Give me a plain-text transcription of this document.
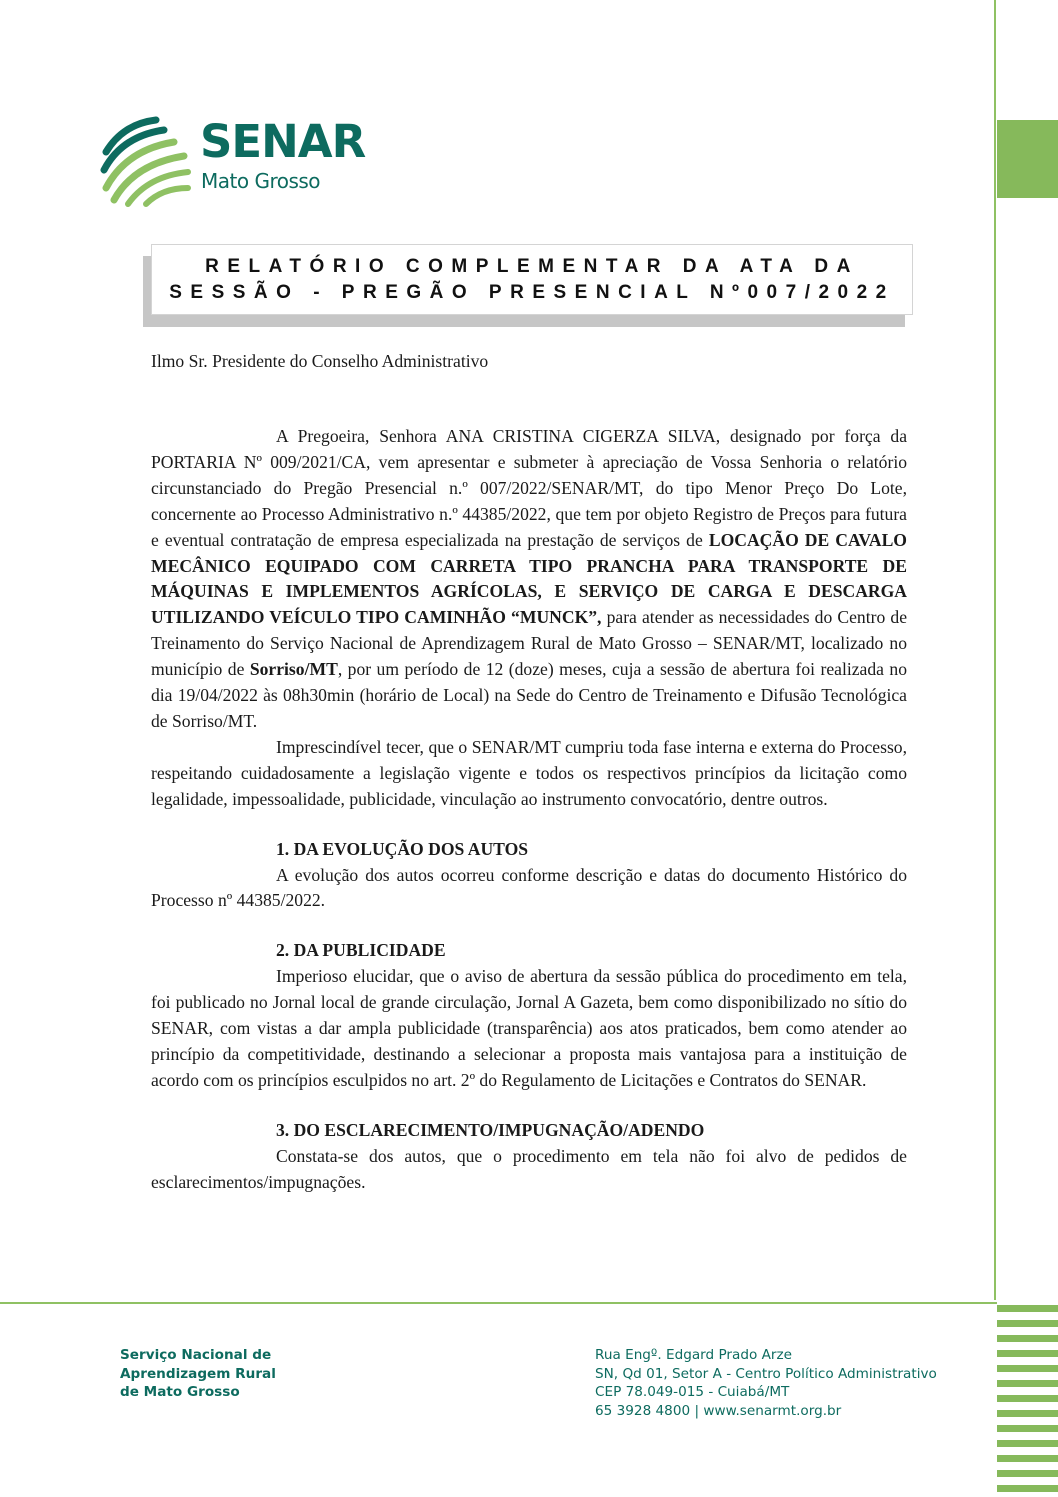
SENAR
Mato Grosso
RELATÓRIO COMPLEMENTAR DA ATA DA
SESSÃO - PREGÃO PRESENCIAL Nº007/2022
Ilmo Sr. Presidente do Conselho Administrativo

A Pregoeira, Senhora ANA CRISTINA CIGERZA SILVA, designado por força da PORTARIA Nº 009/2021/CA, vem apresentar e submeter à apreciação de Vossa Senhoria o relatório circunstanciado do Pregão Presencial n.º 007/2022/SENAR/MT, do tipo Menor Preço Do Lote, concernente ao Processo Administrativo n.º 44385/2022, que tem por objeto Registro de Preços para futura e eventual contratação de empresa especializada na prestação de serviços de LOCAÇÃO DE CAVALO MECÂNICO EQUIPADO COM CARRETA TIPO PRANCHA PARA TRANSPORTE DE MÁQUINAS E IMPLEMENTOS AGRÍCOLAS, E SERVIÇO DE CARGA E DESCARGA UTILIZANDO VEÍCULO TIPO CAMINHÃO “MUNCK”, para atender as necessidades do Centro de Treinamento do Serviço Nacional de Aprendizagem Rural de Mato Grosso – SENAR/MT, localizado no município de Sorriso/MT, por um período de 12 (doze) meses, cuja a sessão de abertura foi realizada no dia 19/04/2022 às 08h30min (horário de Local) na Sede do Centro de Treinamento e Difusão Tecnológica de Sorriso/MT.

Imprescindível tecer, que o SENAR/MT cumpriu toda fase interna e externa do Processo, respeitando cuidadosamente a legislação vigente e todos os respectivos princípios da licitação como legalidade, impessoalidade, publicidade, vinculação ao instrumento convocatório, dentre outros.

1. DA EVOLUÇÃO DOS AUTOS

A evolução dos autos ocorreu conforme descrição e datas do documento Histórico do Processo nº 44385/2022.

2. DA PUBLICIDADE

Imperioso elucidar, que o aviso de abertura da sessão pública do procedimento em tela, foi publicado no Jornal local de grande circulação, Jornal A Gazeta, bem como disponibilizado no sítio do SENAR, com vistas a dar ampla publicidade (transparência) aos atos praticados, bem como atender ao princípio da competitividade, destinando a selecionar a proposta mais vantajosa para a instituição de acordo com os princípios esculpidos no art. 2º do Regulamento de Licitações e Contratos do SENAR.

3. DO ESCLARECIMENTO/IMPUGNAÇÃO/ADENDO

Constata-se dos autos, que o procedimento em tela não foi alvo de pedidos de esclarecimentos/impugnações.

Serviço Nacional de
Aprendizagem Rural
de Mato Grosso
Rua Engº. Edgard Prado Arze
SN, Qd 01, Setor A - Centro Político Administrativo
CEP 78.049-015 - Cuiabá/MT
65 3928 4800 | www.senarmt.org.br
